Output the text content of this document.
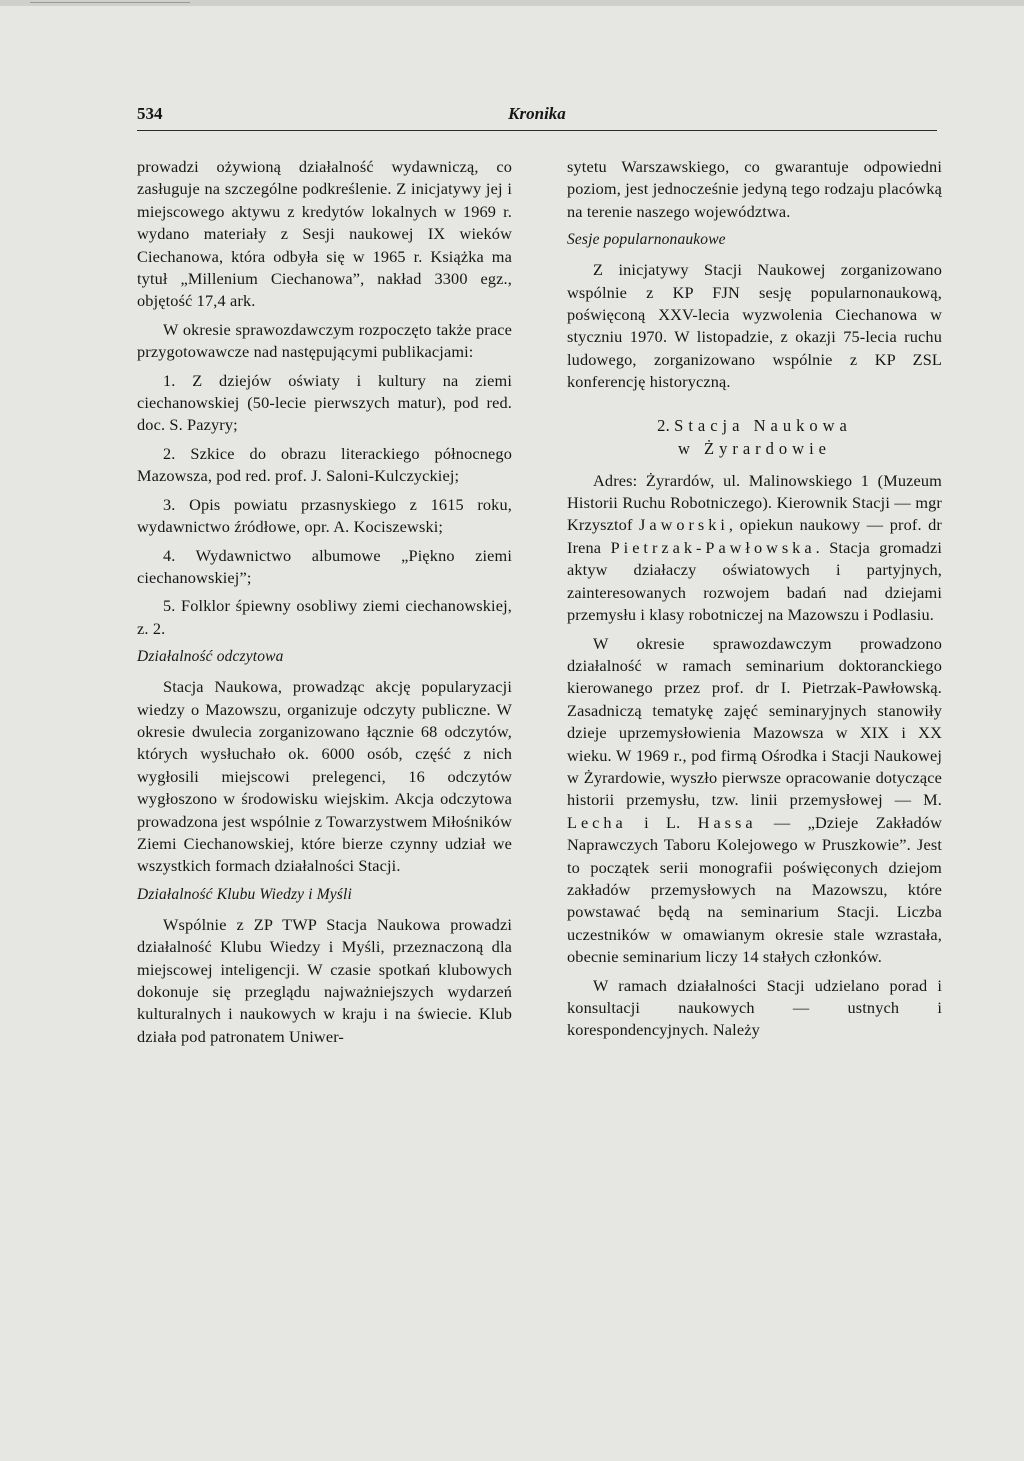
534	Kronika

prowadzi ożywioną działalność wydawniczą, co zasługuje na szczególne podkreślenie. Z inicjatywy jej i miejscowego aktywu z kredytów lokalnych w 1969 r. wydano materiały z Sesji naukowej IX wieków Ciechanowa, która odbyła się w 1965 r. Książka ma tytuł „Millenium Ciechanowa”, nakład 3300 egz., objętość 17,4 ark.

W okresie sprawozdawczym rozpoczęto także prace przygotowawcze nad następującymi publikacjami:

1. Z dziejów oświaty i kultury na ziemi ciechanowskiej (50-lecie pierwszych matur), pod red. doc. S. Pazyry;

2. Szkice do obrazu literackiego północnego Mazowsza, pod red. prof. J. Saloni-Kulczyckiej;

3. Opis powiatu przasnyskiego z 1615 roku, wydawnictwo źródłowe, opr. A. Kociszewski;

4. Wydawnictwo albumowe „Piękno ziemi ciechanowskiej”;

5. Folklor śpiewny osobliwy ziemi ciechanowskiej, z. 2.

Działalność odczytowa

Stacja Naukowa, prowadząc akcję popularyzacji wiedzy o Mazowszu, organizuje odczyty publiczne. W okresie dwulecia zorganizowano łącznie 68 odczytów, których wysłuchało ok. 6000 osób, część z nich wygłosili miejscowi prelegenci, 16 odczytów wygłoszono w środowisku wiejskim. Akcja odczytowa prowadzona jest wspólnie z Towarzystwem Miłośników Ziemi Ciechanowskiej, które bierze czynny udział we wszystkich formach działalności Stacji.

Działalność Klubu Wiedzy i Myśli

Wspólnie z ZP TWP Stacja Naukowa prowadzi działalność Klubu Wiedzy i Myśli, przeznaczoną dla miejscowej inteligencji. W czasie spotkań klubowych dokonuje się przeglądu najważniejszych wydarzeń kulturalnych i naukowych w kraju i na świecie. Klub działa pod patronatem Uniwer-

sytetu Warszawskiego, co gwarantuje odpowiedni poziom, jest jednocześnie jedyną tego rodzaju placówką na terenie naszego województwa.

Sesje popularnonaukowe

Z inicjatywy Stacji Naukowej zorganizowano wspólnie z KP FJN sesję popularnonaukową, poświęconą XXV-lecia wyzwolenia Ciechanowa w styczniu 1970. W listopadzie, z okazji 75-lecia ruchu ludowego, zorganizowano wspólnie z KP ZSL konferencję historyczną.

2. Stacja Naukowa
w Żyrardowie

Adres: Żyrardów, ul. Malinowskiego 1 (Muzeum Historii Ruchu Robotniczego). Kierownik Stacji — mgr Krzysztof Jaworski, opiekun naukowy — prof. dr Irena Pietrzak-Pawłowska. Stacja gromadzi aktyw działaczy oświatowych i partyjnych, zainteresowanych rozwojem badań nad dziejami przemysłu i klasy robotniczej na Mazowszu i Podlasiu.

W okresie sprawozdawczym prowadzono działalność w ramach seminarium doktoranckiego kierowanego przez prof. dr I. Pietrzak-Pawłowską. Zasadniczą tematykę zajęć seminaryjnych stanowiły dzieje uprzemysłowienia Mazowsza w XIX i XX wieku. W 1969 r., pod firmą Ośrodka i Stacji Naukowej w Żyrardowie, wyszło pierwsze opracowanie dotyczące historii przemysłu, tzw. linii przemysłowej — M. Lecha i L. Hassa — „Dzieje Zakładów Naprawczych Taboru Kolejowego w Pruszkowie”. Jest to początek serii monografii poświęconych dziejom zakładów przemysłowych na Mazowszu, które powstawać będą na seminarium Stacji. Liczba uczestników w omawianym okresie stale wzrastała, obecnie seminarium liczy 14 stałych członków.

W ramach działalności Stacji udzielano porad i konsultacji naukowych — ustnych i korespondencyjnych. Należy
